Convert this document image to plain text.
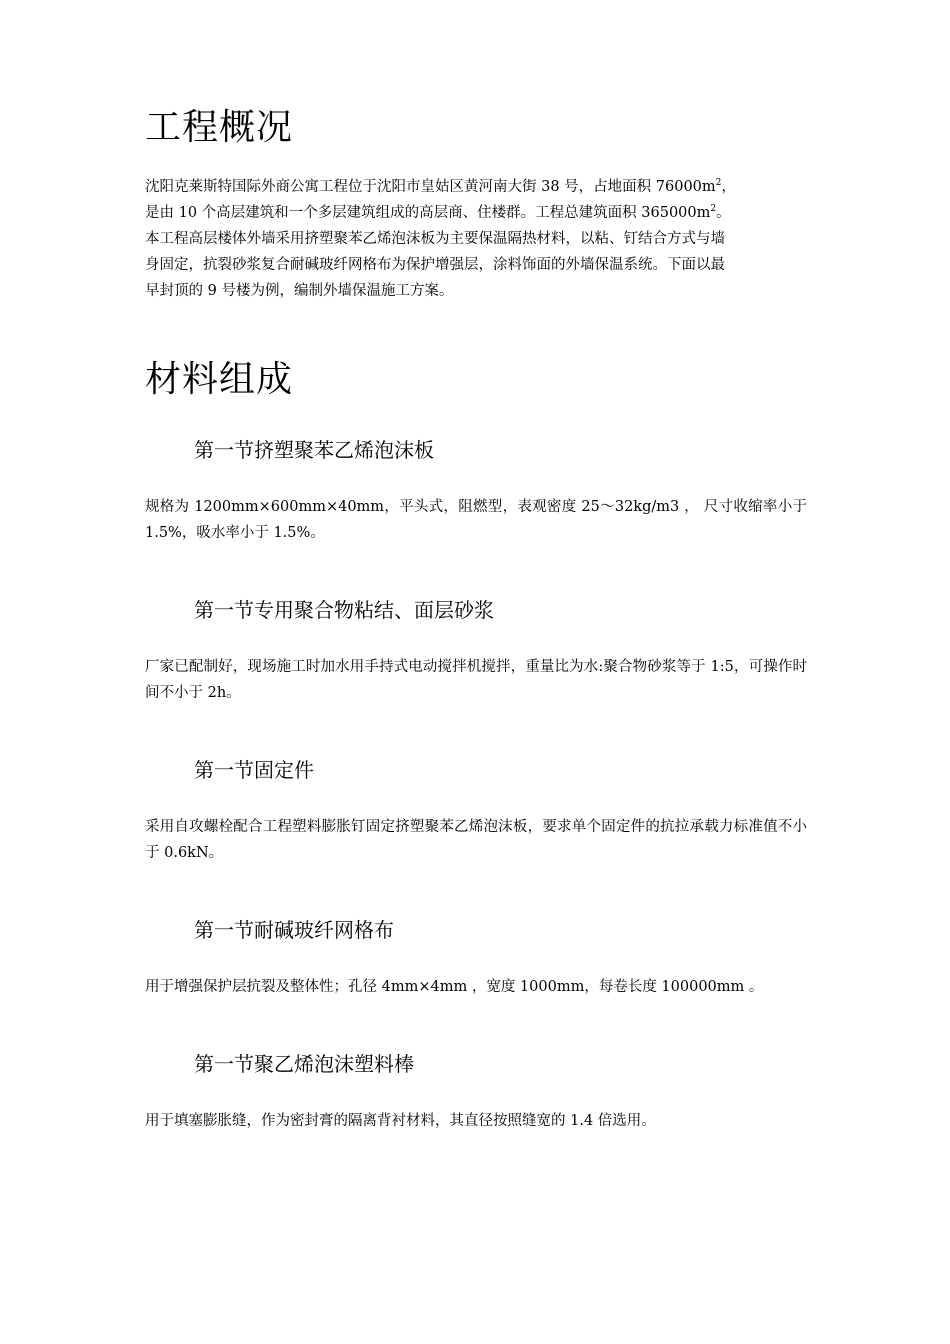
工程概况

沈阳克莱斯特国际外商公寓工程位于沈阳市皇姑区黄河南大街 38 号，占地面积 $76000m^2$，
是由 10 个高层建筑和一个多层建筑组成的高层商、住楼群。工程总建筑面积 $365000m^2$。
本工程高层楼体外墙采用挤塑聚苯乙烯泡沫板为主要保温隔热材料，以粘、钉结合方式与墙
身固定，抗裂砂浆复合耐碱玻纤网格布为保护增强层，涂料饰面的外墙保温系统。下面以最
早封顶的 9 号楼为例，编制外墙保温施工方案。

材料组成
第一节挤塑聚苯乙烯泡沫板

规格为 1200mm×600mm×40mm，平头式，阻燃型，表观密度 25～32kg/m3 ， 尺寸收缩率小于 1.5%，吸水率小于 1.5%。

第一节专用聚合物粘结、面层砂浆

厂家已配制好，现场施工时加水用手持式电动搅拌机搅拌，重量比为水:聚合物砂浆等于 1:5，可操作时间不小于 2h。

第一节固定件

采用自攻螺栓配合工程塑料膨胀钉固定挤塑聚苯乙烯泡沫板，要求单个固定件的抗拉承载力标准值不小于 0.6kN。

第一节耐碱玻纤网格布

用于增强保护层抗裂及整体性；孔径 4mm×4mm ，宽度 1000mm，每卷长度 100000mm 。

第一节聚乙烯泡沫塑料棒

用于填塞膨胀缝，作为密封膏的隔离背衬材料，其直径按照缝宽的 1.4 倍选用。
